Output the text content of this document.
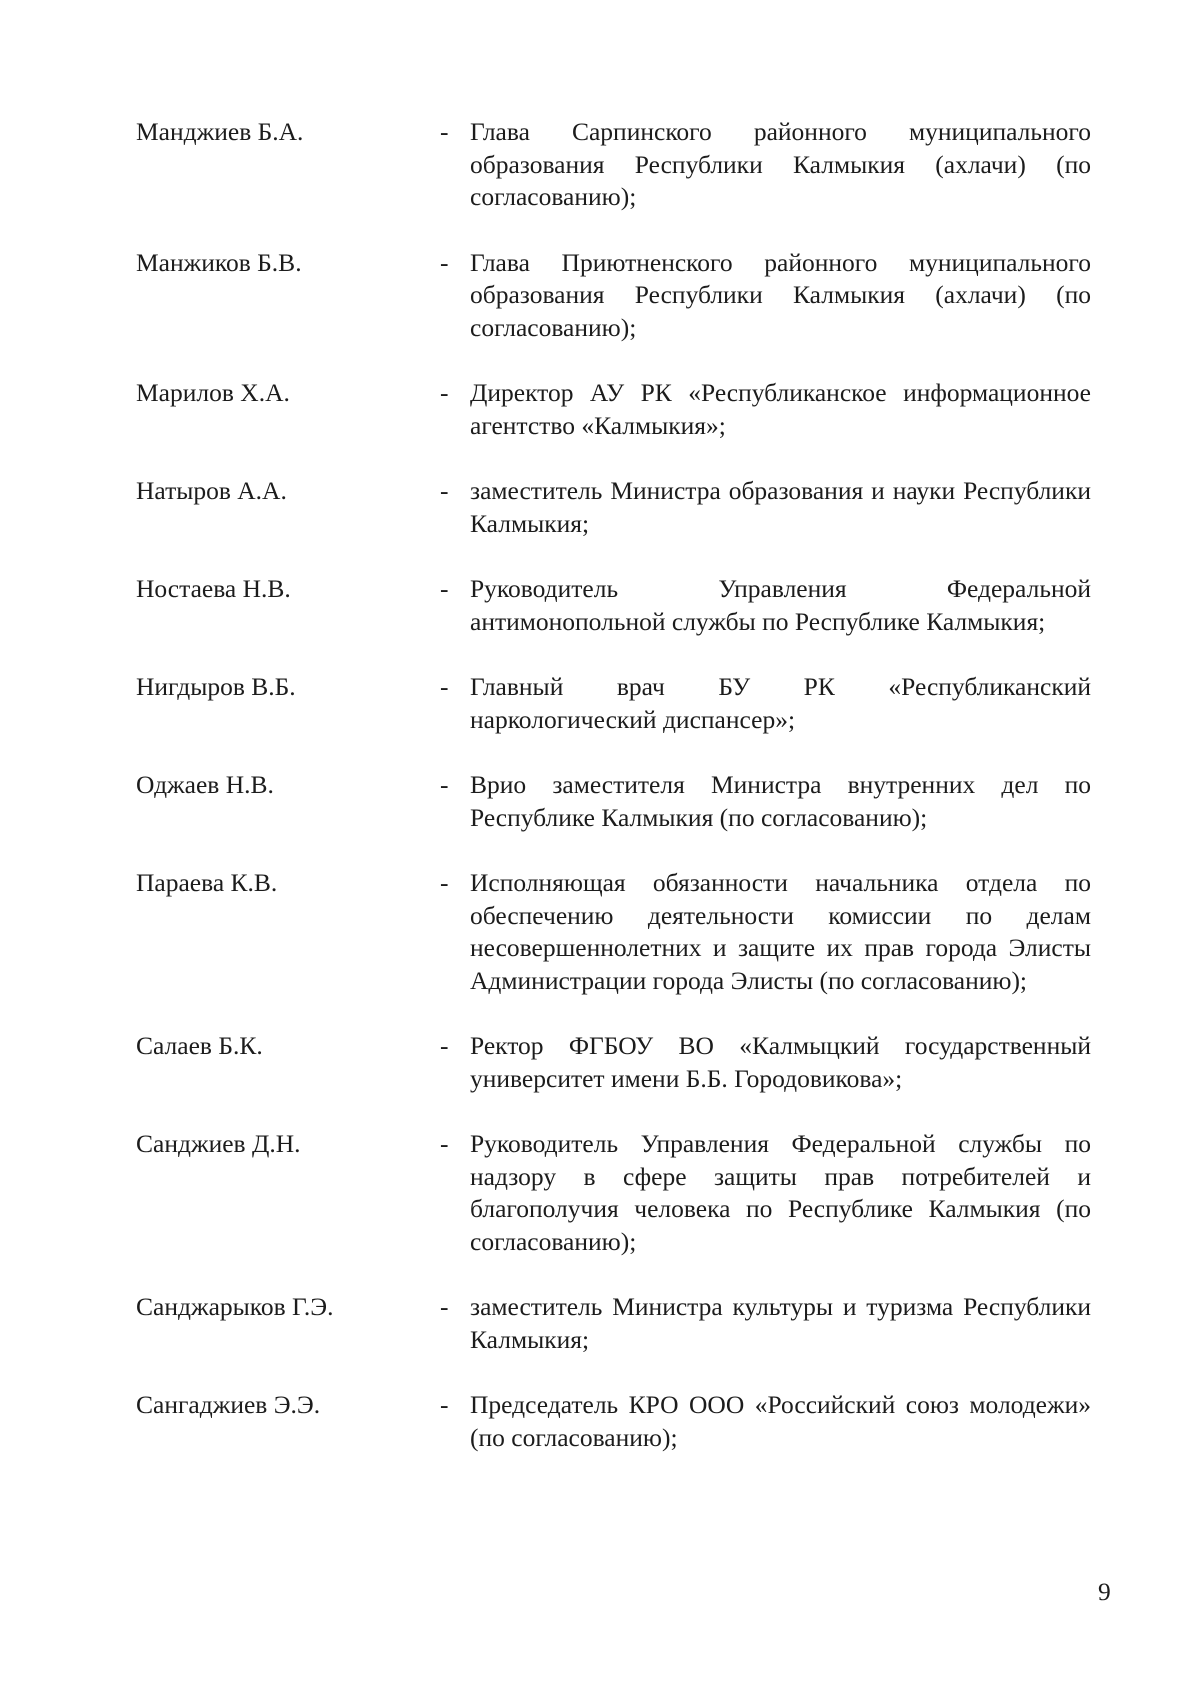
Манджиев Б.А.	- Глава Сарпинского районного муниципального образования Республики Калмыкия (ахлачи) (по согласованию);
Манжиков Б.В.	- Глава Приютненского районного муниципального образования Республики Калмыкия (ахлачи) (по согласованию);
Марилов Х.А.	- Директор АУ РК «Республиканское информационное агентство «Калмыкия»;
Натыров А.А.	- заместитель Министра образования и науки Республики Калмыкия;
Ностаева Н.В.	- Руководитель Управления Федеральной антимонопольной службы по Республике Калмыкия;
Нигдыров В.Б.	- Главный врач БУ РК «Республиканский наркологический диспансер»;
Оджаев Н.В.	- Врио заместителя Министра внутренних дел по Республике Калмыкия (по согласованию);
Параева К.В.	- Исполняющая обязанности начальника отдела по обеспечению деятельности комиссии по делам несовершеннолетних и защите их прав города Элисты Администрации города Элисты (по согласованию);
Салаев Б.К.	- Ректор ФГБОУ ВО «Калмыцкий государственный университет имени Б.Б. Городовикова»;
Санджиев Д.Н.	- Руководитель Управления Федеральной службы по надзору в сфере защиты прав потребителей и благополучия человека по Республике Калмыкия (по согласованию);
Санджарыков Г.Э.	- заместитель Министра культуры и туризма Республики Калмыкия;
Сангаджиев Э.Э.	- Председатель КРО ООО «Российский союз молодежи» (по согласованию);
9
